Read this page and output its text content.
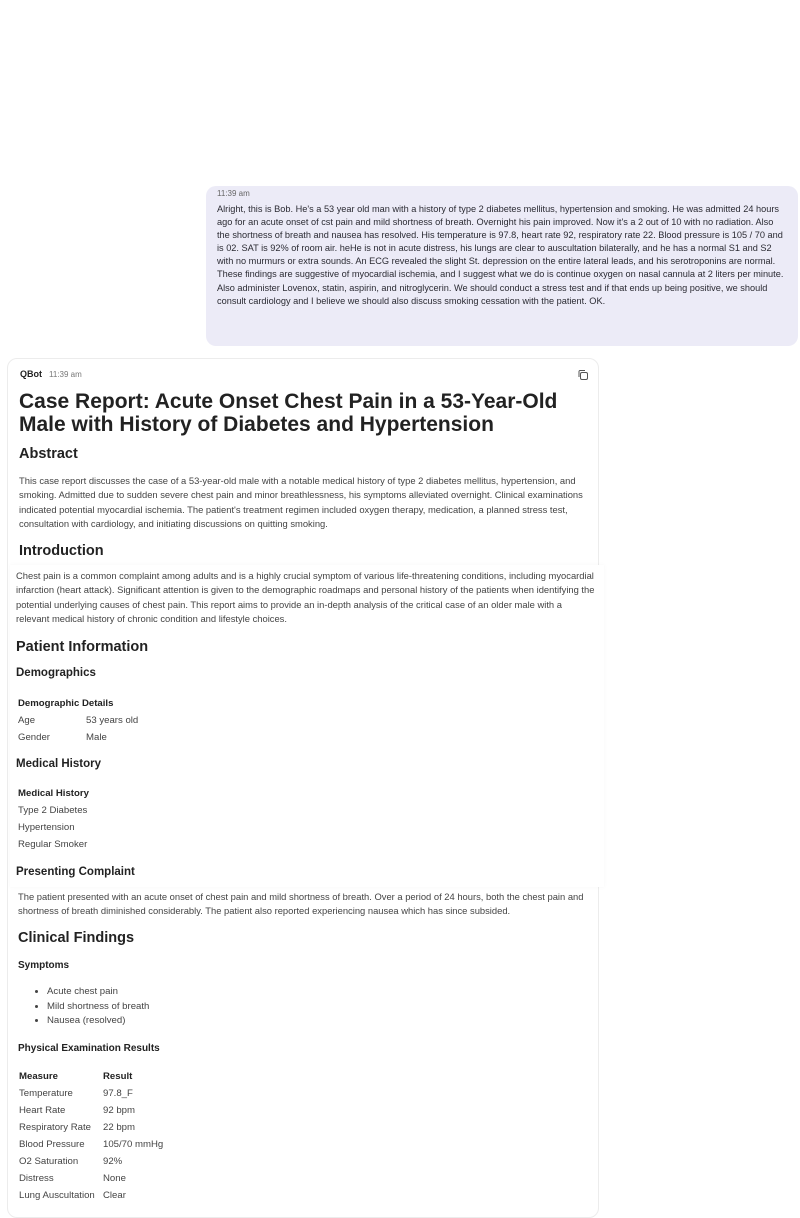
11:39 am

Alright, this is Bob. He's a 53 year old man with a history of type 2 diabetes mellitus, hypertension and smoking. He was admitted 24 hours ago for an acute onset of cst pain and mild shortness of breath. Overnight his pain improved. Now it's a 2 out of 10 with no radiation. Also the shortness of breath and nausea has resolved. His temperature is 97.8, heart rate 92, respiratory rate 22. Blood pressure is 105 / 70 and is 02. SAT is 92% of room air. heHe is not in acute distress, his lungs are clear to auscultation bilaterally, and he has a normal S1 and S2 with no murmurs or extra sounds. An ECG revealed the slight St. depression on the entire lateral leads, and his serotroponins are normal. These findings are suggestive of myocardial ischemia, and I suggest what we do is continue oxygen on nasal cannula at 2 liters per minute. Also administer Lovenox, statin, aspirin, and nitroglycerin. We should conduct a stress test and if that ends up being positive, we should consult cardiology and I believe we should also discuss smoking cessation with the patient. OK.

QBot 11:39 am
Case Report: Acute Onset Chest Pain in a 53-Year-Old Male with History of Diabetes and Hypertension
Abstract

This case report discusses the case of a 53-year-old male with a notable medical history of type 2 diabetes mellitus, hypertension, and smoking. Admitted due to sudden severe chest pain and minor breathlessness, his symptoms alleviated overnight. Clinical examinations indicated potential myocardial ischemia. The patient's treatment regimen included oxygen therapy, medication, a planned stress test, consultation with cardiology, and initiating discussions on quitting smoking.

Introduction

Chest pain is a common complaint among adults and is a highly crucial symptom of various life-threatening conditions, including myocardial infarction (heart attack). Significant attention is given to the demographic roadmaps and personal history of the patients when identifying the potential underlying causes of chest pain. This report aims to provide an in-depth analysis of the critical case of an older male with a relevant medical history of chronic condition and lifestyle choices.

Patient Information
Demographics
Demographic Details	
Age	53 years old
Gender	Male
Medical History
Medical History
Type 2 Diabetes
Hypertension
Regular Smoker
Presenting Complaint

The patient presented with an acute onset of chest pain and mild shortness of breath. Over a period of 24 hours, both the chest pain and shortness of breath diminished considerably. The patient also reported experiencing nausea which has since subsided.

Clinical Findings
Symptoms
• Acute chest pain
• Mild shortness of breath
• Nausea (resolved)
Physical Examination Results
Measure	Result
Temperature	97.8_F
Heart Rate	92 bpm
Respiratory Rate	22 bpm
Blood Pressure	105/70 mmHg
O2 Saturation	92%
Distress	None
Lung Auscultation	Clear
